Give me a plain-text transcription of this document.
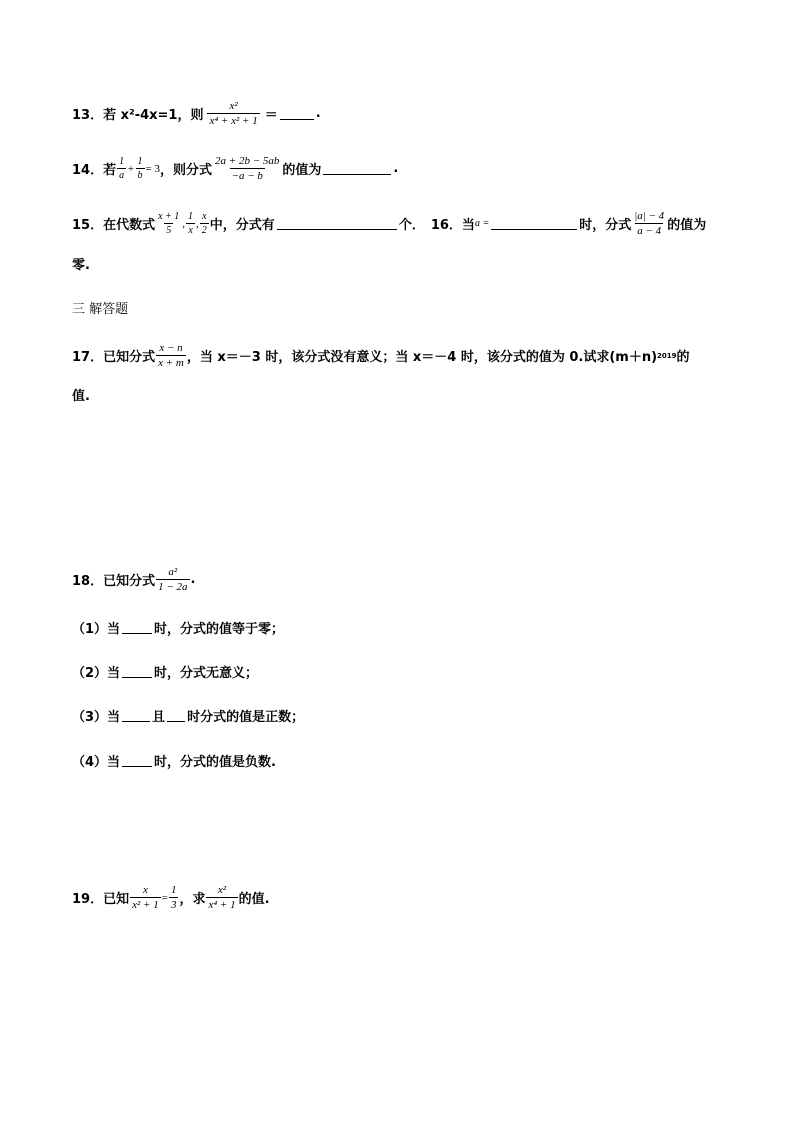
13． 若 x²-4x=1，则 $\frac{\text{x²}}{\text{x⁴ + x² + 1}}$ ＝	.
14． 若 $\frac{1}{a} + \frac{1}{b} = 3$ ，则分式 $\frac{2a + 2b - 5ab}{-a - b}$ 的值为	.
15． 在代数式 $\frac{x + 1}{5}$ , $\frac{1}{x}$ , $\frac{x}{2}$ 中，分式有	个． 16． 当 a =	时，分式 $\frac{|a| - 4}{a - 4}$ 的值为
零.
三 解答题
17． 已知分式 $\frac{x - n}{x + m}$ ，当 x＝－3 时，该分式没有意义；当 x＝－4 时，该分式的值为 0.试求(m＋n) 2019 的
值.
18． 已知分式 $\frac{\text{a²}}{1 - 2a}$ .
（1）当	时，分式的值等于零；
（2）当	时，分式无意义；
（3）当 且 时分式的值是正数；
（4）当	时，分式的值是负数.
19． 已知 $\frac{x}{\text{x² + 1}} = \frac{1}{3}$ ，求 $\frac{\text{x²}}{\text{x⁴ + 1}}$ 的值.
